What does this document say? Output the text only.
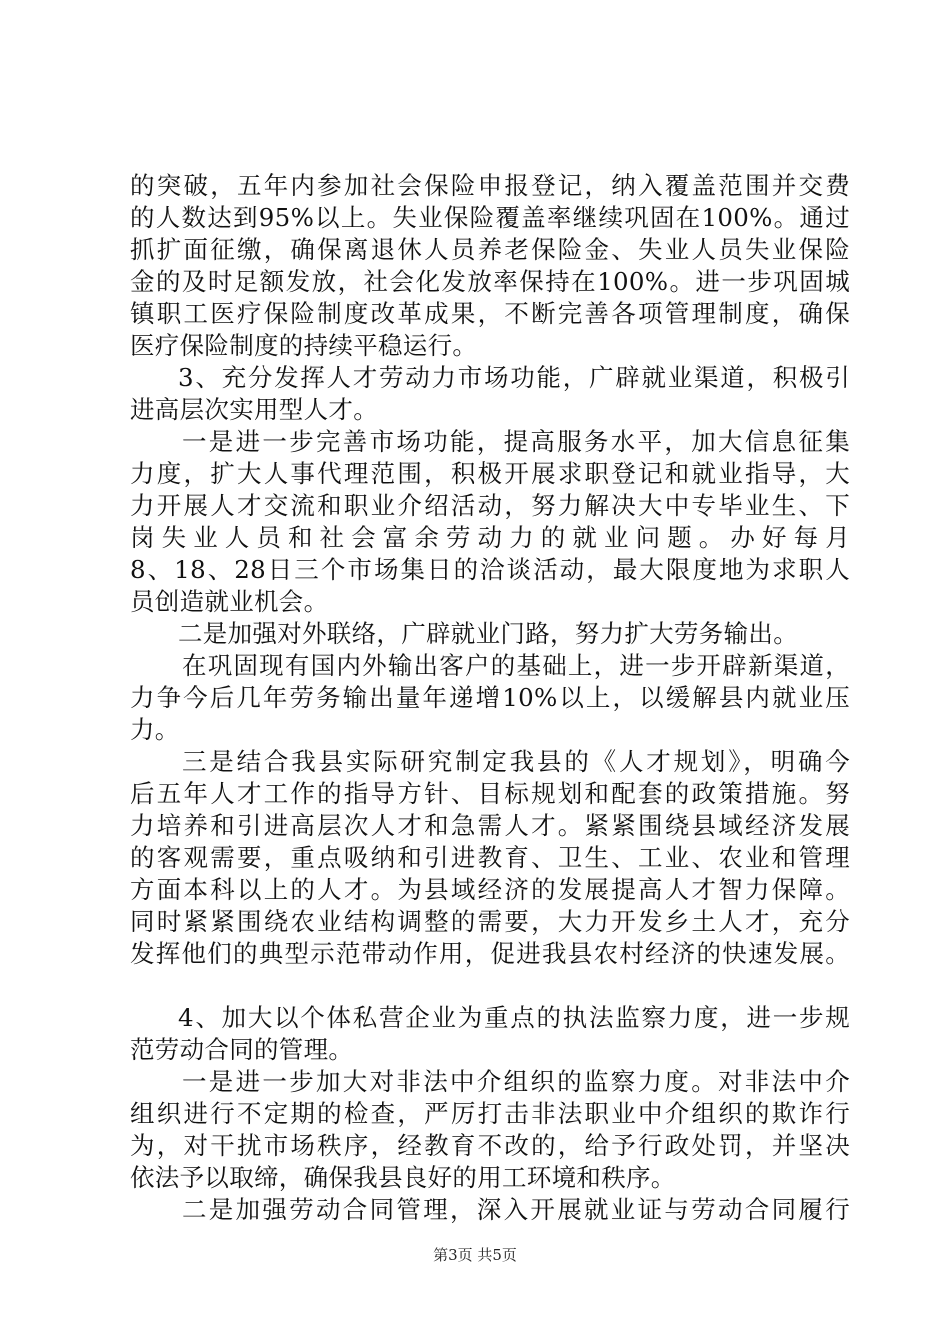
的突破，五年内参加社会保险申报登记，纳入覆盖范围并交费
的人数达到95%以上。失业保险覆盖率继续巩固在100%。通过
抓扩面征缴，确保离退休人员养老保险金、失业人员失业保险
金的及时足额发放，社会化发放率保持在100%。进一步巩固城
镇职工医疗保险制度改革成果，不断完善各项管理制度，确保
医疗保险制度的持续平稳运行。
3、充分发挥人才劳动力市场功能，广辟就业渠道，积极引
进高层次实用型人才。
一是进一步完善市场功能，提高服务水平，加大信息征集
力度，扩大人事代理范围，积极开展求职登记和就业指导，大
力开展人才交流和职业介绍活动，努力解决大中专毕业生、下
岗失业人员和社会富余劳动力的就业问题。办好每月
8、18、28日三个市场集日的洽谈活动，最大限度地为求职人
员创造就业机会。
二是加强对外联络，广辟就业门路，努力扩大劳务输出。
在巩固现有国内外输出客户的基础上，进一步开辟新渠道，
力争今后几年劳务输出量年递增10%以上，以缓解县内就业压
力。
三是结合我县实际研究制定我县的《人才规划》，明确今
后五年人才工作的指导方针、目标规划和配套的政策措施。努
力培养和引进高层次人才和急需人才。紧紧围绕县域经济发展
的客观需要，重点吸纳和引进教育、卫生、工业、农业和管理
方面本科以上的人才。为县域经济的发展提高人才智力保障。
同时紧紧围绕农业结构调整的需要，大力开发乡土人才，充分
发挥他们的典型示范带动作用，促进我县农村经济的快速发展。
4、加大以个体私营企业为重点的执法监察力度，进一步规
范劳动合同的管理。
一是进一步加大对非法中介组织的监察力度。对非法中介
组织进行不定期的检查，严厉打击非法职业中介组织的欺诈行
为，对干扰市场秩序，经教育不改的，给予行政处罚，并坚决
依法予以取缔，确保我县良好的用工环境和秩序。
二是加强劳动合同管理，深入开展就业证与劳动合同履行
第3页 共5页
